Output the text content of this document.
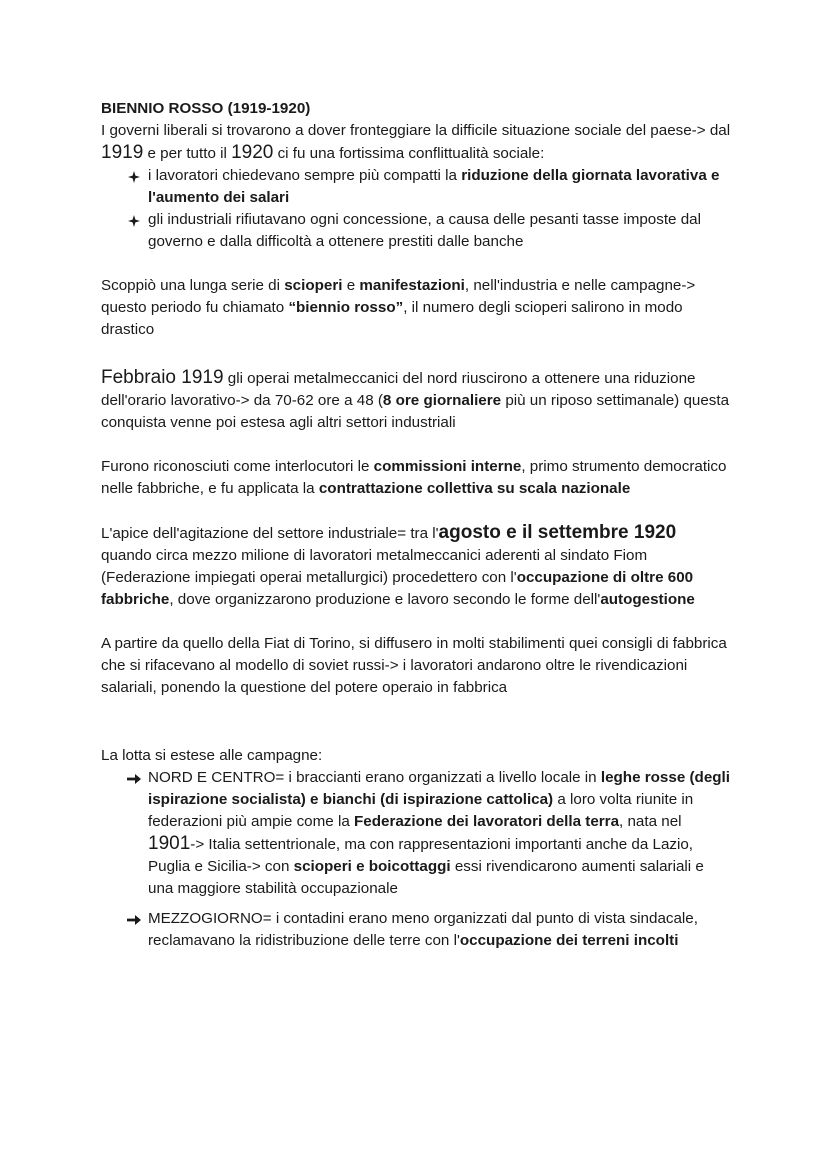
BIENNIO ROSSO (1919-1920)

I governi liberali si trovarono a dover fronteggiare la difficile situazione sociale del paese-> dal 1919 e per tutto il 1920 ci fu una fortissima conflittualità sociale:

i lavoratori chiedevano sempre più compatti la riduzione della giornata lavorativa e l'aumento dei salari
gli industriali rifiutavano ogni concessione, a causa delle pesanti tasse imposte dal governo e dalla difficoltà a ottenere prestiti dalle banche

Scoppiò una lunga serie di scioperi e manifestazioni, nell'industria e nelle campagne-> questo periodo fu chiamato “biennio rosso”, il numero degli scioperi salirono in modo drastico

Febbraio 1919 gli operai metalmeccanici del nord riuscirono a ottenere una riduzione dell'orario lavorativo-> da 70-62 ore a 48 (8 ore giornaliere più un riposo settimanale) questa conquista venne poi estesa agli altri settori industriali

Furono riconosciuti come interlocutori le commissioni interne, primo strumento democratico nelle fabbriche, e fu applicata la contrattazione collettiva su scala nazionale

L'apice dell'agitazione del settore industriale= tra l'agosto e il settembre 1920 quando circa mezzo milione di lavoratori metalmeccanici aderenti al sindato Fiom (Federazione impiegati operai metallurgici) procedettero con l'occupazione di oltre 600 fabbriche, dove organizzarono produzione e lavoro secondo le forme dell'autogestione

A partire da quello della Fiat di Torino, si diffusero in molti stabilimenti quei consigli di fabbrica che si rifacevano al modello di soviet russi-> i lavoratori andarono oltre le rivendicazioni salariali, ponendo la questione del potere operaio in fabbrica

La lotta si estese alle campagne:

NORD E CENTRO= i braccianti erano organizzati a livello locale in leghe rosse (degli ispirazione socialista) e bianchi (di ispirazione cattolica) a loro volta riunite in federazioni più ampie come la Federazione dei lavoratori della terra, nata nel 1901-> Italia settentrionale, ma con rappresentazioni importanti anche da Lazio, Puglia e Sicilia-> con scioperi e boicottaggi essi rivendicarono aumenti salariali e una maggiore stabilità occupazionale
MEZZOGIORNO= i contadini erano meno organizzati dal punto di vista sindacale, reclamavano la ridistribuzione delle terre con l'occupazione dei terreni incolti
